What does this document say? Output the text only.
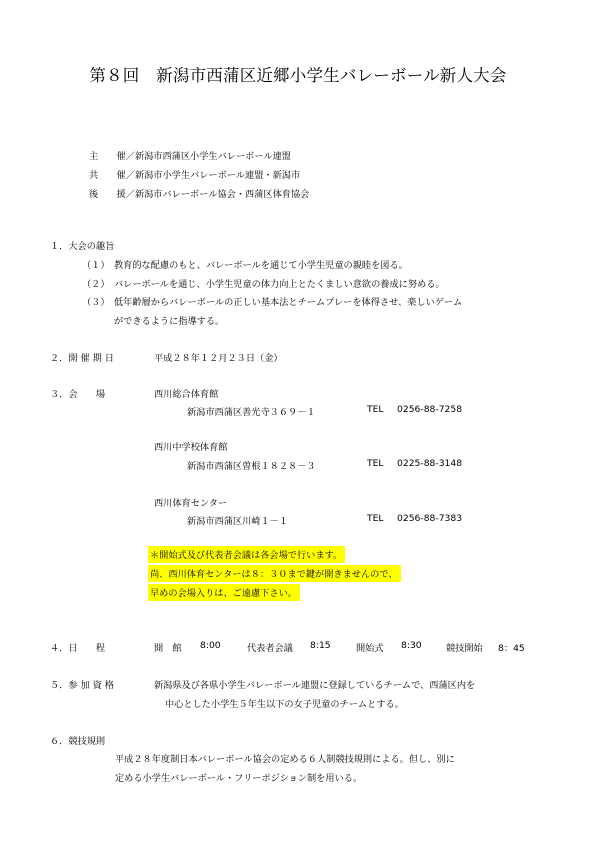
第８回　新潟市西蒲区近郷小学生バレーボール新人大会
主　　催／新潟市西蒲区小学生バレーボール連盟
共　　催／新潟市小学生バレーボール連盟・新潟市
後　　援／新潟市バレーボール協会・西蒲区体育協会
１．大会の趣旨
（１） 教育的な配慮のもと、バレーボールを通じて小学生児童の親睦を図る。
（２） バレーボールを通じ、小学生児童の体力向上とたくましい意欲の養成に努める。
（３） 低年齢層からバレーボールの正しい基本法とチームプレーを体得させ、楽しいゲーム
ができるように指導する。
２．開 催 期 日	平成２８年１２月２３日（金）
３．会　　場	西川総合体育館
新潟市西蒲区善光寺３６９－１	TEL 0256-88-7258
西川中学校体育館
新潟市西蒲区曽根１８２８－３	TEL 0225-88-3148
西川体育センター
新潟市西蒲区川崎１－１	TEL 0256-88-7383
＊開始式及び代表者会議は各会場で行います。
尚、西川体育センターは８：３０まで鍵が開きませんので、
早めの会場入りは、ご遠慮下さい。
４．日　　程	開　館 8:00	代表者会議 8:15	開始式 8:30	競技開始 8：45
５．参 加 資 格	新潟県及び各県小学生バレーボール連盟に登録しているチームで、西蒲区内を
中心とした小学生５年生以下の女子児童のチームとする。
６．競技規則
平成２８年度制日本バレーボール協会の定める６人制競技規則による。但し、別に
定める小学生バレーボール・フリーポジション制を用いる。
